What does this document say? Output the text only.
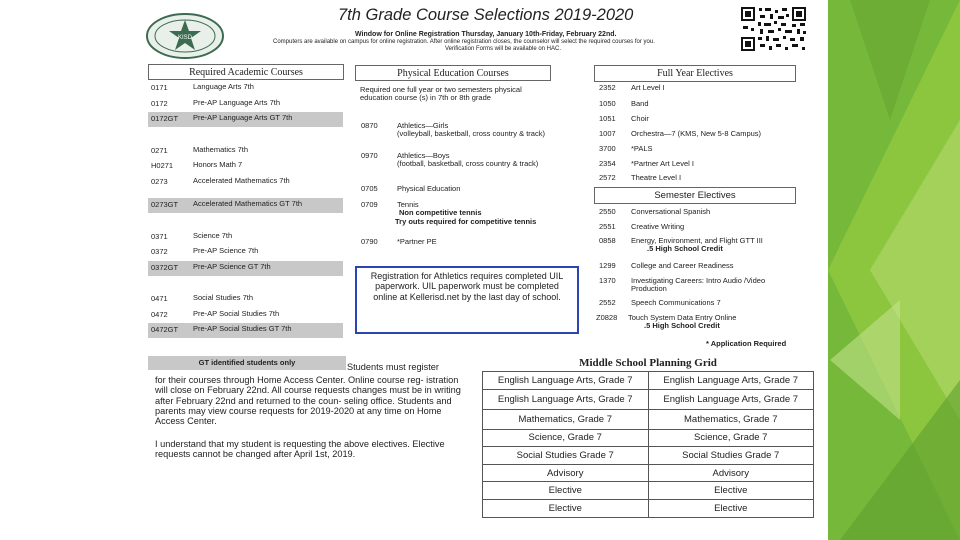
KISD
7th Grade Course Selections 2019-2020
Window for Online Registration Thursday, January 10th-Friday, February 22nd.
Computers are available on campus for online registration. After online registration closes, the counselor will select the required courses for you.
Verification Forms will be available on HAC.
Required Academic Courses	Physical Education Courses	Full Year Electives
Semester Electives
0171	Language Arts 7th
0172	Pre-AP Language Arts 7th
0172GT Pre-AP Language Arts GT 7th
0271	Mathematics 7th
H0271	Honors Math 7
0273	Accelerated Mathematics 7th
0273GT Accelerated Mathematics GT 7th
0371	Science 7th
0372	Pre-AP Science 7th
0372GT Pre-AP Science GT 7th
0471	Social Studies 7th
0472	Pre-AP Social Studies 7th
0472GT Pre-AP Social Studies GT 7th
GT identified students only
Required one full year or two semesters physical
education course (s) in 7th or 8th grade
0870	Athletics—Girls
(volleyball, basketball, cross country & track)
0970	Athletics—Boys
(football, basketball, cross country & track)
0705	Physical Education
0709	Tennis
Non competitive tennis
Try outs required for competitive tennis
0790	*Partner PE
Registration for Athletics requires completed UIL paperwork. UIL paperwork must be completed online at Kellerisd.net by the last day of school.
2352 Art Level I
1050 Band
1051 Choir
1007 Orchestra—7 (KMS, New 5-8 Campus)
3700 *PALS
2354 *Partner Art Level I
2572 Theatre Level I
2550 Conversational Spanish
2551 Creative Writing
0858 Energy, Environment, and Flight GTT III
.5 High School Credit
1299 College and Career Readiness
1370 Investigating Careers: Intro Audio /Video
Production
2552 Speech Communications 7
Z0828 Touch System Data Entry Online
.5 High School Credit
* Application Required
Students must register
for their courses through Home Access Center. Online course reg- istration will close on February 22nd. All course requests changes must be in writing after February 22nd and returned to the coun- seling office. Students and parents may view course requests for 2019-2020 at any time on Home Access Center.
I understand that my student is requesting the above electives. Elective requests cannot be changed after April 1st, 2019.
Middle School Planning Grid
English Language Arts, Grade 7	English Language Arts, Grade 7
English Language Arts, Grade 7	English Language Arts, Grade 7
Mathematics, Grade 7	Mathematics, Grade 7
Science, Grade 7	Science, Grade 7
Social Studies Grade 7	Social Studies Grade 7
Advisory	Advisory
Elective	Elective
Elective	Elective
